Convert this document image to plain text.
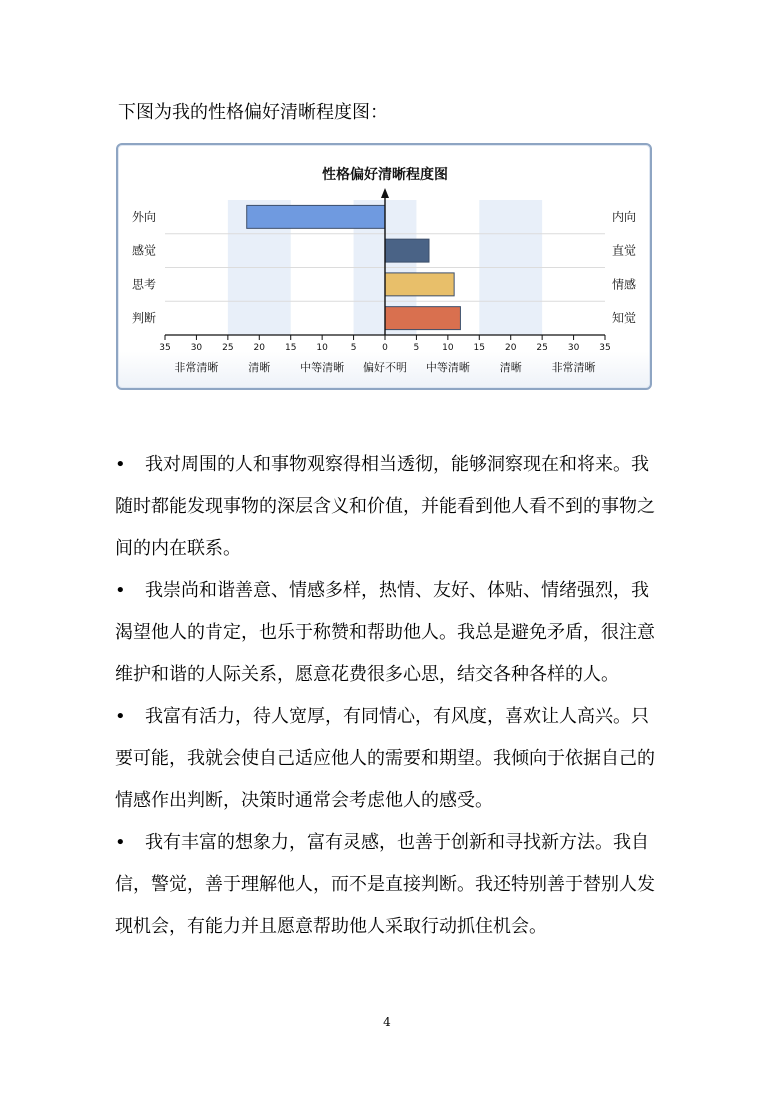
下图为我的性格偏好清晰程度图：
性格偏好清晰程度图
外向
感觉
思考
判断
内向
直觉
情感
知觉
35 30 25 20 15 10	5	0	5	10 15 20 25 30 35
非常清晰	清晰	中等清晰 偏好不明 中等清晰	清晰	非常清晰

• 我对周围的人和事物观察得相当透彻，能够洞察现在和将来。我随时都能发现事物的深层含义和价值，并能看到他人看不到的事物之间的内在联系。

• 我崇尚和谐善意、情感多样，热情、友好、体贴、情绪强烈，我渴望他人的肯定，也乐于称赞和帮助他人。我总是避免矛盾，很注意维护和谐的人际关系，愿意花费很多心思，结交各种各样的人。

• 我富有活力，待人宽厚，有同情心，有风度，喜欢让人高兴。只要可能，我就会使自己适应他人的需要和期望。我倾向于依据自己的情感作出判断，决策时通常会考虑他人的感受。

• 我有丰富的想象力，富有灵感，也善于创新和寻找新方法。我自信，警觉，善于理解他人，而不是直接判断。我还特别善于替别人发现机会，有能力并且愿意帮助他人采取行动抓住机会。

4
